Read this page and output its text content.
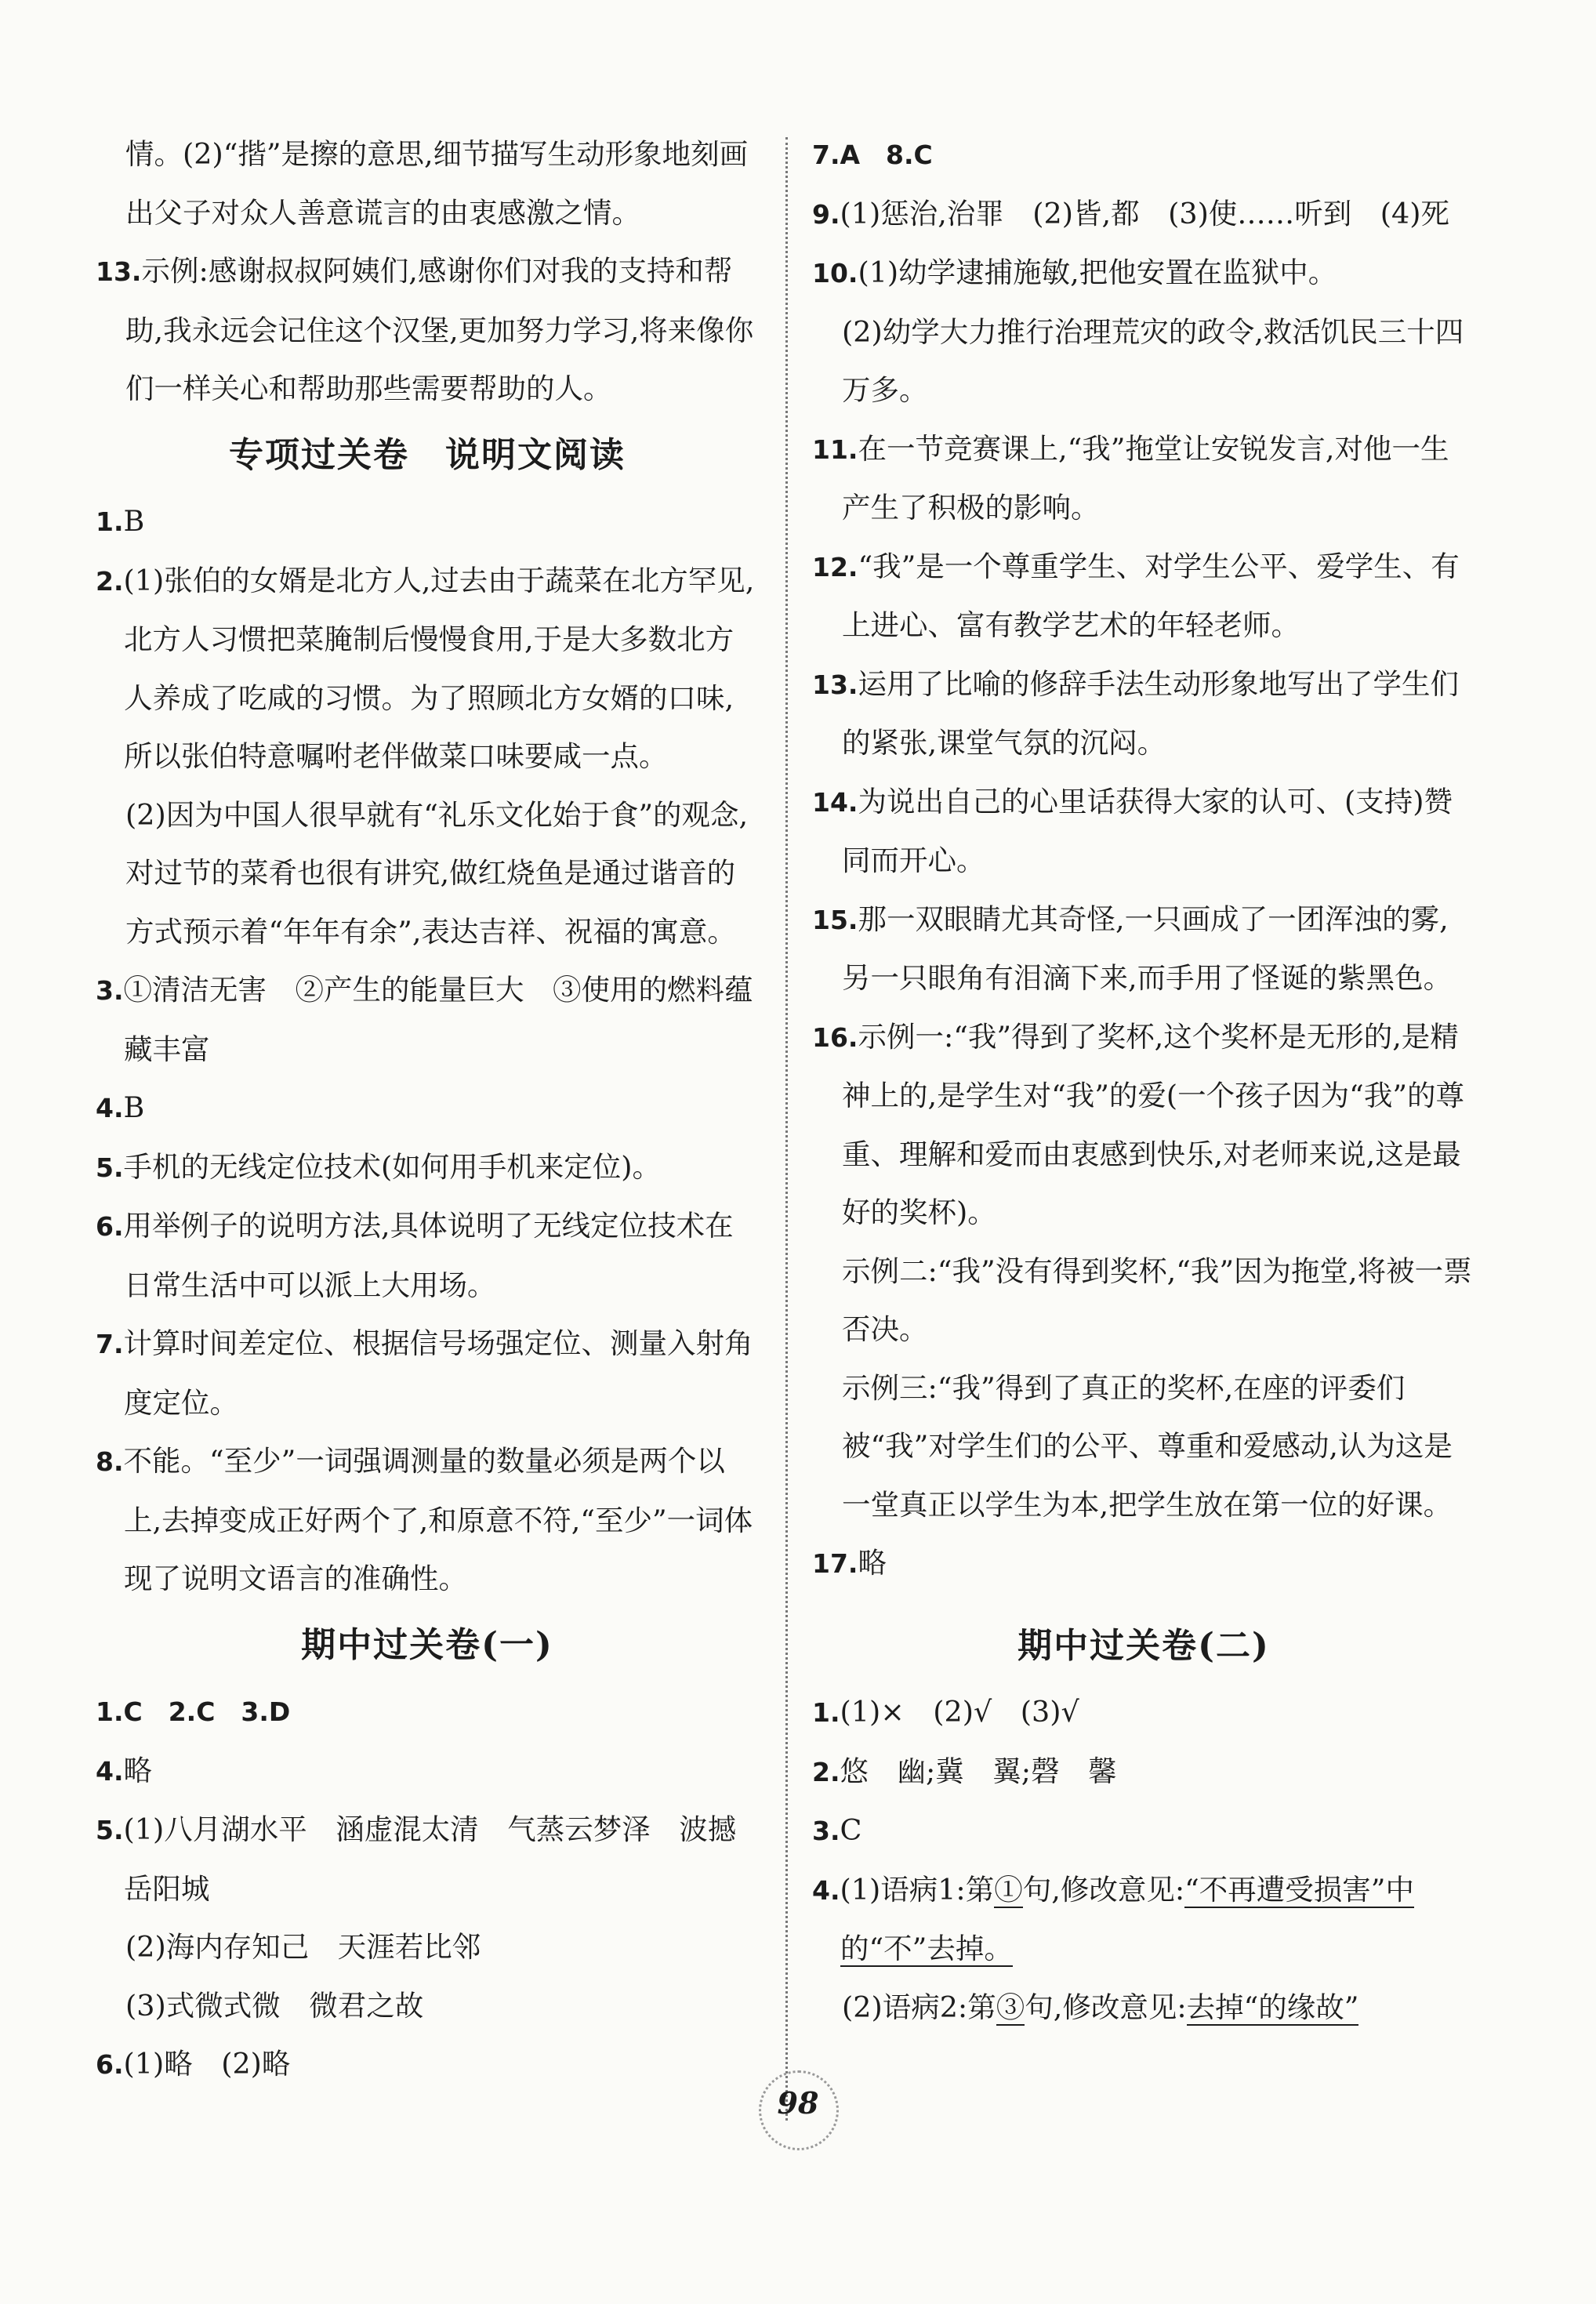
情。(2)“揩”是擦的意思,细节描写生动形象地刻画
出父子对众人善意谎言的由衷感激之情。

13.示例:感谢叔叔阿姨们,感谢你们对我的支持和帮助,我永远会记住这个汉堡,更加努力学习,将来像你们一样关心和帮助那些需要帮助的人。

专项过关卷　说明文阅读

1.B

2.(1)张伯的女婿是北方人,过去由于蔬菜在北方罕见,北方人习惯把菜腌制后慢慢食用,于是大多数北方人养成了吃咸的习惯。为了照顾北方女婿的口味,所以张伯特意嘱咐老伴做菜口味要咸一点。

(2)因为中国人很早就有“礼乐文化始于食”的观念,对过节的菜肴也很有讲究,做红烧鱼是通过谐音的方式预示着“年年有余”,表达吉祥、祝福的寓意。

3.①清洁无害　②产生的能量巨大　③使用的燃料蕴藏丰富

4.B

5.手机的无线定位技术(如何用手机来定位)。

6.用举例子的说明方法,具体说明了无线定位技术在日常生活中可以派上大用场。

7.计算时间差定位、根据信号场强定位、测量入射角度定位。

8.不能。“至少”一词强调测量的数量必须是两个以上,去掉变成正好两个了,和原意不符,“至少”一词体现了说明文语言的准确性。

期中过关卷(一)

1.C　2.C　3.D

4.略

5.(1)八月湖水平　涵虚混太清　气蒸云梦泽　波撼岳阳城

(2)海内存知己　天涯若比邻

(3)式微式微　微君之故

6.(1)略　(2)略

7.A　8.C

9.(1)惩治,治罪　(2)皆,都　(3)使……听到　(4)死

10.(1)幼学逮捕施敏,把他安置在监狱中。

(2)幼学大力推行治理荒灾的政令,救活饥民三十四万多。

11.在一节竞赛课上,“我”拖堂让安锐发言,对他一生产生了积极的影响。

12.“我”是一个尊重学生、对学生公平、爱学生、有上进心、富有教学艺术的年轻老师。

13.运用了比喻的修辞手法生动形象地写出了学生们的紧张,课堂气氛的沉闷。

14.为说出自己的心里话获得大家的认可、(支持)赞同而开心。

15.那一双眼睛尤其奇怪,一只画成了一团浑浊的雾,另一只眼角有泪滴下来,而手用了怪诞的紫黑色。

16.示例一:“我”得到了奖杯,这个奖杯是无形的,是精神上的,是学生对“我”的爱(一个孩子因为“我”的尊重、理解和爱而由衷感到快乐,对老师来说,这是最好的奖杯)。

示例二:“我”没有得到奖杯,“我”因为拖堂,将被一票否决。

示例三:“我”得到了真正的奖杯,在座的评委们被“我”对学生们的公平、尊重和爱感动,认为这是一堂真正以学生为本,把学生放在第一位的好课。

17.略

期中过关卷(二)

1.(1)×　(2)√　(3)√

2.悠　幽;冀　翼;磬　馨

3.C

4.(1)语病1:第①句,修改意见:“不再遭受损害”中的“不”去掉。

(2)语病2:第③句,修改意见:去掉“的缘故”

98
